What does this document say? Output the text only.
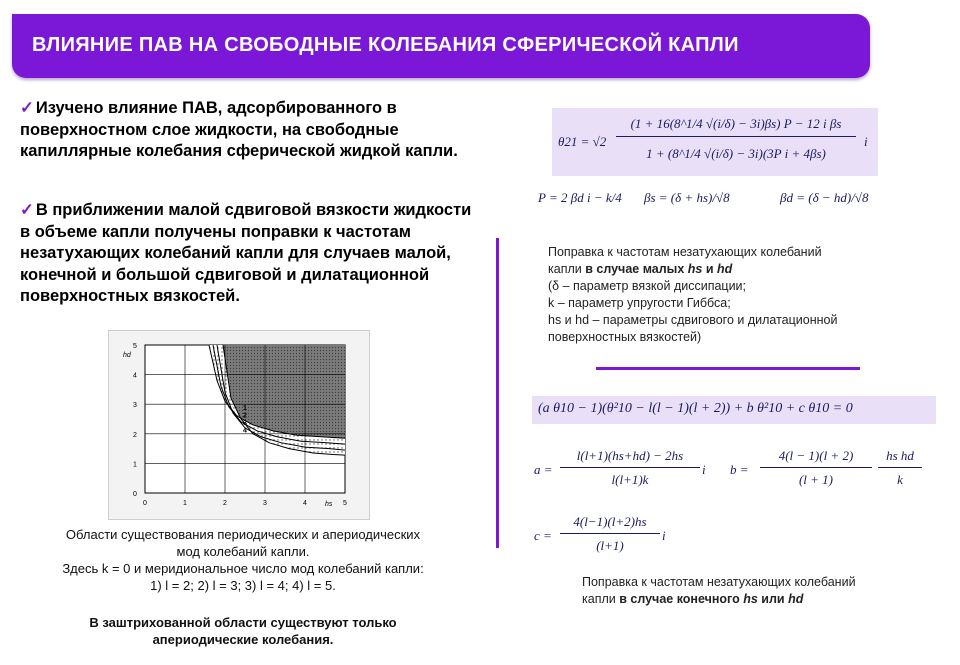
ВЛИЯНИЕ ПАВ НА СВОБОДНЫЕ КОЛЕБАНИЯ СФЕРИЧЕСКОЙ КАПЛИ
✓ Изучено влияние ПАВ, адсорбированного в поверхностном слое жидкости, на свободные капиллярные колебания сферической жидкой капли.
✓ В приближении малой сдвиговой вязкости жидкости в объеме капли получены поправки к частотам незатухающих колебаний капли для случаев малой, конечной и большой сдвиговой и дилатационной поверхностных вязкостей.
θ21 = √2
(1 + 16(8^1/4 √(i/δ) − 3i)βs) P − 12 i βs
1 + (8^1/4 √(i/δ) − 3i)(3P i + 4βs)
i
P = 2 βd i − k/4 βs = (δ + hs)/√8	βd = (δ − hd)/√8
Поправка к частотам незатухающих колебаний
капли в случае малых hs и hd
(δ – параметр вязкой диссипации;
k – параметр упругости Гиббса;
hs и hd – параметры сдвигового и дилатационной
поверхностных вязкостей)
(a θ10 − 1)(θ²10 − l(l − 1)(l + 2)) + b θ²10 + c θ10 = 0
a =
l(l+1)(hs+hd) − 2hs
l(l+1)k
i b =
4(l − 1)(l + 2)
(l + 1)
hs hd
k
c =
4(l−1)(l+2)hs
(l+1)
i
Поправка к частотам незатухающих колебаний
капли в случае конечного hs или hd
1
2
3
4
0	1	2	3	4	5
0
1
2
3
4
5
hs
hd
Области существования периодических и апериодических
мод колебаний капли.
Здесь k = 0 и меридиональное число мод колебаний капли:
1) l = 2; 2) l = 3; 3) l = 4; 4) l = 5.
В заштрихованной области существуют только
апериодические колебания.
